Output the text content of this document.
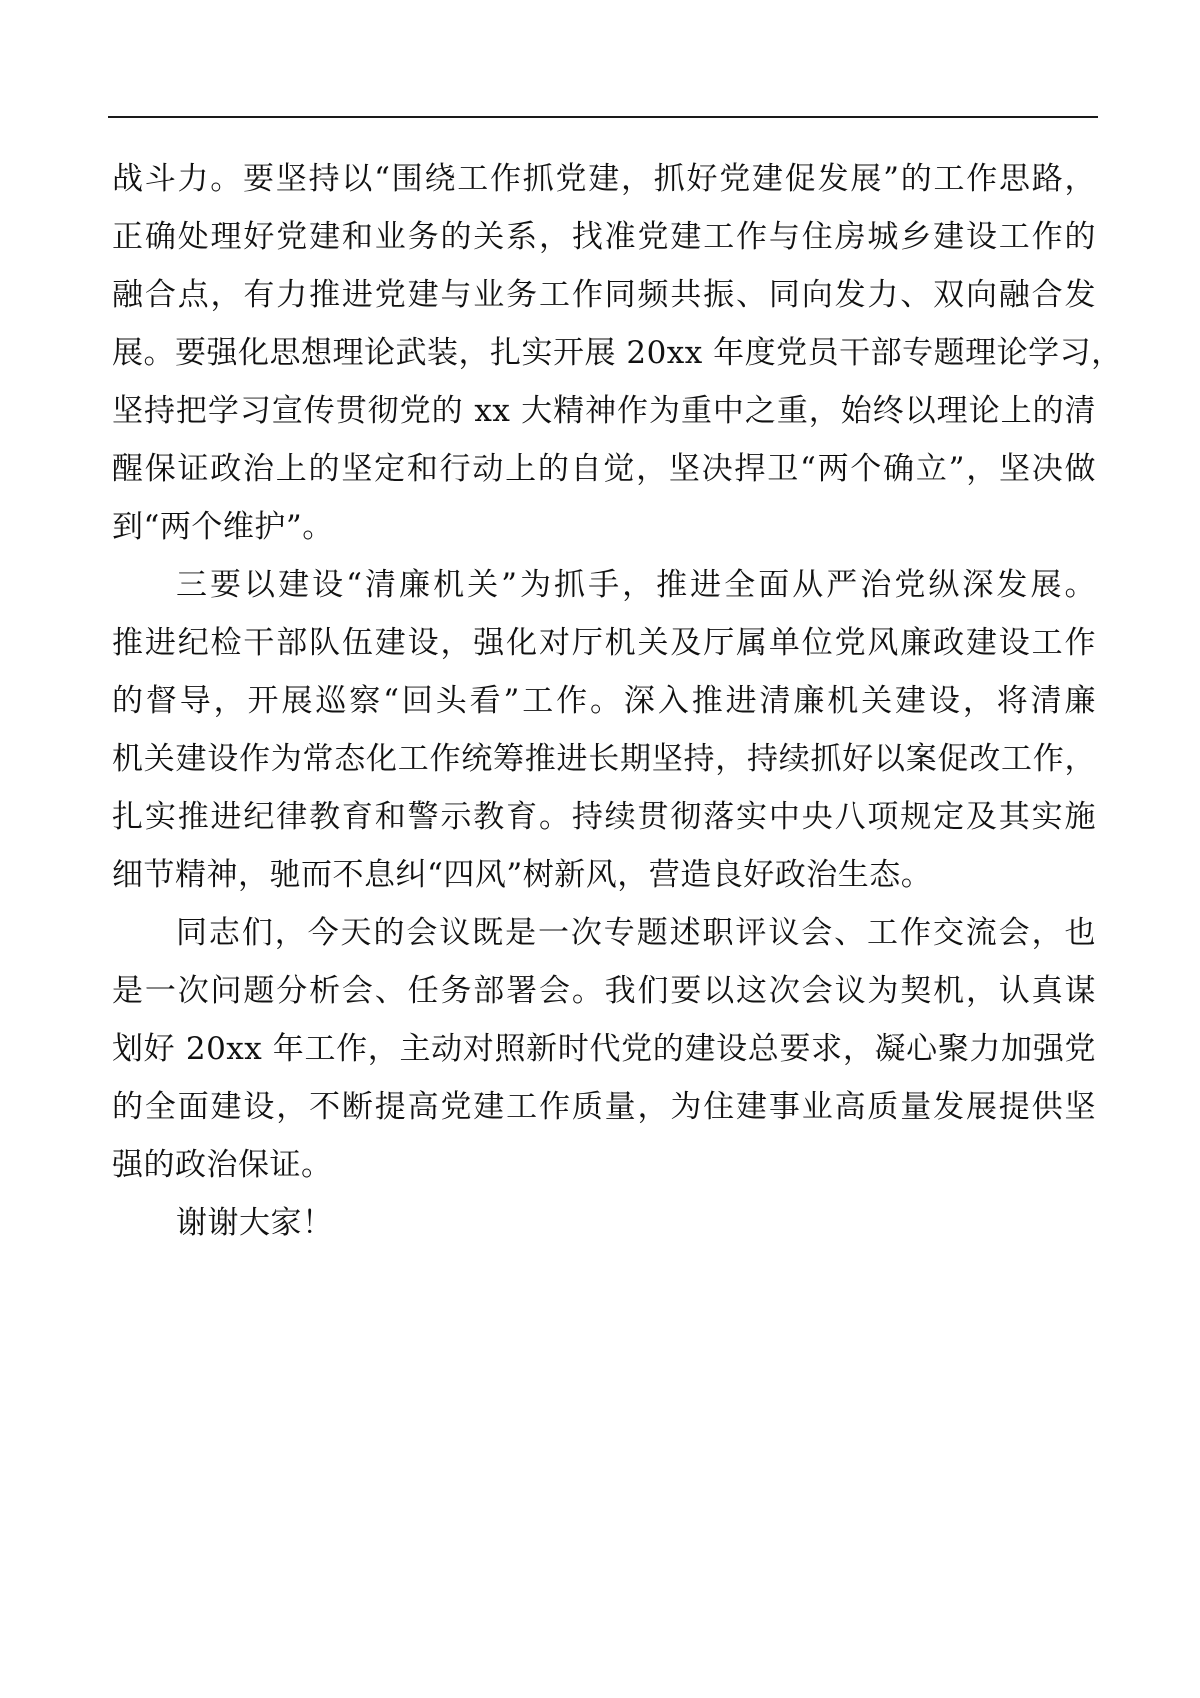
战斗力。要坚持以“围绕工作抓党建，抓好党建促发展”的工作思路，
正确处理好党建和业务的关系，找准党建工作与住房城乡建设工作的
融合点，有力推进党建与业务工作同频共振、同向发力、双向融合发
展。要强化思想理论武装，扎实开展 20xx 年度党员干部专题理论学习，
坚持把学习宣传贯彻党的 xx 大精神作为重中之重，始终以理论上的清
醒保证政治上的坚定和行动上的自觉，坚决捍卫“两个确立”，坚决做
到“两个维护”。
三要以建设“清廉机关”为抓手，推进全面从严治党纵深发展。
推进纪检干部队伍建设，强化对厅机关及厅属单位党风廉政建设工作
的督导，开展巡察“回头看”工作。深入推进清廉机关建设，将清廉
机关建设作为常态化工作统筹推进长期坚持，持续抓好以案促改工作，
扎实推进纪律教育和警示教育。持续贯彻落实中央八项规定及其实施
细节精神，驰而不息纠“四风”树新风，营造良好政治生态。
同志们，今天的会议既是一次专题述职评议会、工作交流会，也
是一次问题分析会、任务部署会。我们要以这次会议为契机，认真谋
划好 20xx 年工作，主动对照新时代党的建设总要求，凝心聚力加强党
的全面建设，不断提高党建工作质量，为住建事业高质量发展提供坚
强的政治保证。
谢谢大家！
